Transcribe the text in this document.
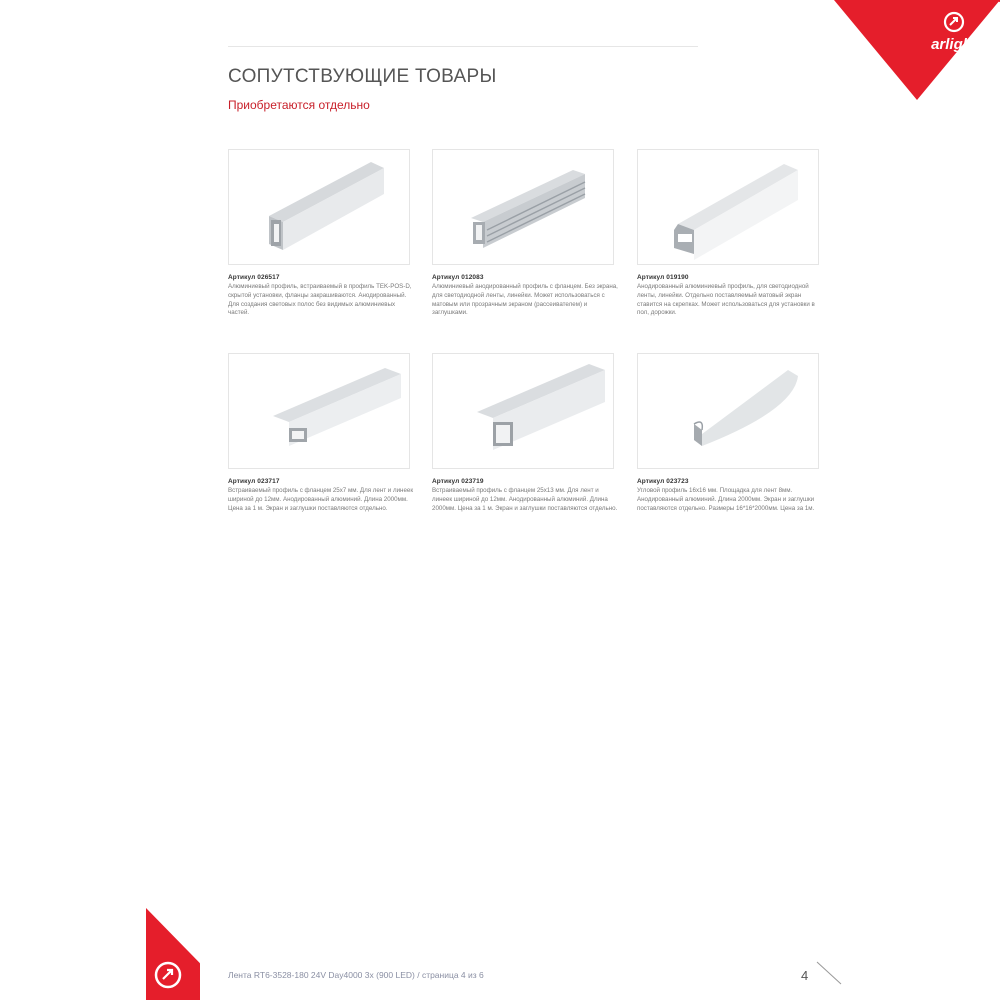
arlight
СОПУТСТВУЮЩИЕ ТОВАРЫ
Приобретаются отдельно
Артикул 026517
Алюминиевый профиль, встраиваемый в профиль TEK-POS-D, скрытой установки, фланцы закрашиваются. Анодированный. Для создания световых полос без видимых алюминиевых частей.
Артикул 012083
Алюминиевый анодированный профиль с фланцем. Без экрана, для светодиодной ленты, линейки. Может использоваться с матовым или прозрачным экраном (рассеивателем) и заглушками.
Артикул 019190
Анодированный алюминиевый профиль, для светодиодной ленты, линейки. Отдельно поставляемый матовый экран ставится на скрепках. Может использоваться для установки в пол, дорожки.
Артикул 023717
Встраиваемый профиль с фланцем 25x7 мм. Для лент и линеек шириной до 12мм. Анодированный алюминий. Длина 2000мм. Цена за 1 м. Экран и заглушки поставляются отдельно.
Артикул 023719
Встраиваемый профиль с фланцем 25x13 мм. Для лент и линеек шириной до 12мм. Анодированный алюминий. Длина 2000мм. Цена за 1 м. Экран и заглушки поставляются отдельно.
Артикул 023723
Угловой профиль 16x16 мм. Площадка для лент 8мм. Анодированный алюминий. Длина 2000мм. Экран и заглушки поставляются отдельно. Размеры 16*16*2000мм. Цена за 1м.
Лента RT6-3528-180 24V Day4000 3x (900 LED) / страница 4 из 6	4
